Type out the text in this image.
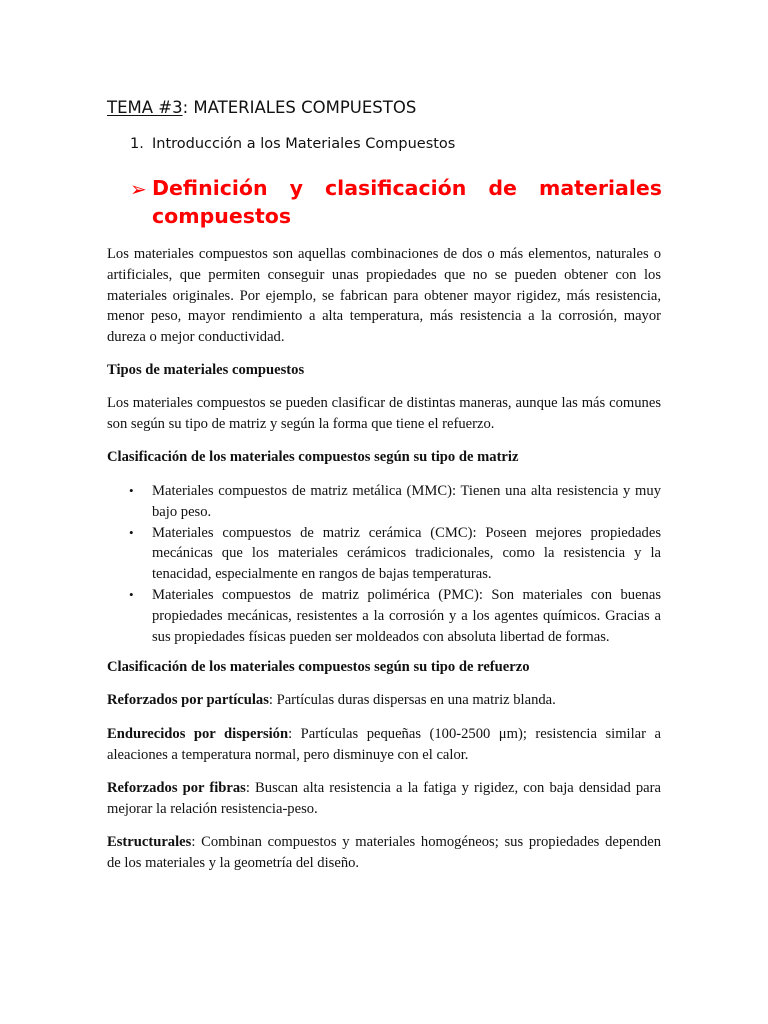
TEMA #3: MATERIALES COMPUESTOS
1. Introducción a los Materiales Compuestos
➢ Definición y clasificación de materiales
compuestos

Los materiales compuestos son aquellas combinaciones de dos o más elementos, naturales o artificiales, que permiten conseguir unas propiedades que no se pueden obtener con los materiales originales. Por ejemplo, se fabrican para obtener mayor rigidez, más resistencia, menor peso, mayor rendimiento a alta temperatura, más resistencia a la corrosión, mayor dureza o mejor conductividad.

Tipos de materiales compuestos

Los materiales compuestos se pueden clasificar de distintas maneras, aunque las más comunes son según su tipo de matriz y según la forma que tiene el refuerzo.

Clasificación de los materiales compuestos según su tipo de matriz

• Materiales compuestos de matriz metálica (MMC): Tienen una alta resistencia y muy bajo peso.
• Materiales compuestos de matriz cerámica (CMC): Poseen mejores propiedades mecánicas que los materiales cerámicos tradicionales, como la resistencia y la tenacidad, especialmente en rangos de bajas temperaturas.
• Materiales compuestos de matriz polimérica (PMC): Son materiales con buenas propiedades mecánicas, resistentes a la corrosión y a los agentes químicos. Gracias a sus propiedades físicas pueden ser moldeados con absoluta libertad de formas.

Clasificación de los materiales compuestos según su tipo de refuerzo

Reforzados por partículas: Partículas duras dispersas en una matriz blanda.

Endurecidos por dispersión: Partículas pequeñas (100-2500 μm); resistencia similar a aleaciones a temperatura normal, pero disminuye con el calor.

Reforzados por fibras: Buscan alta resistencia a la fatiga y rigidez, con baja densidad para mejorar la relación resistencia-peso.

Estructurales: Combinan compuestos y materiales homogéneos; sus propiedades dependen de los materiales y la geometría del diseño.
